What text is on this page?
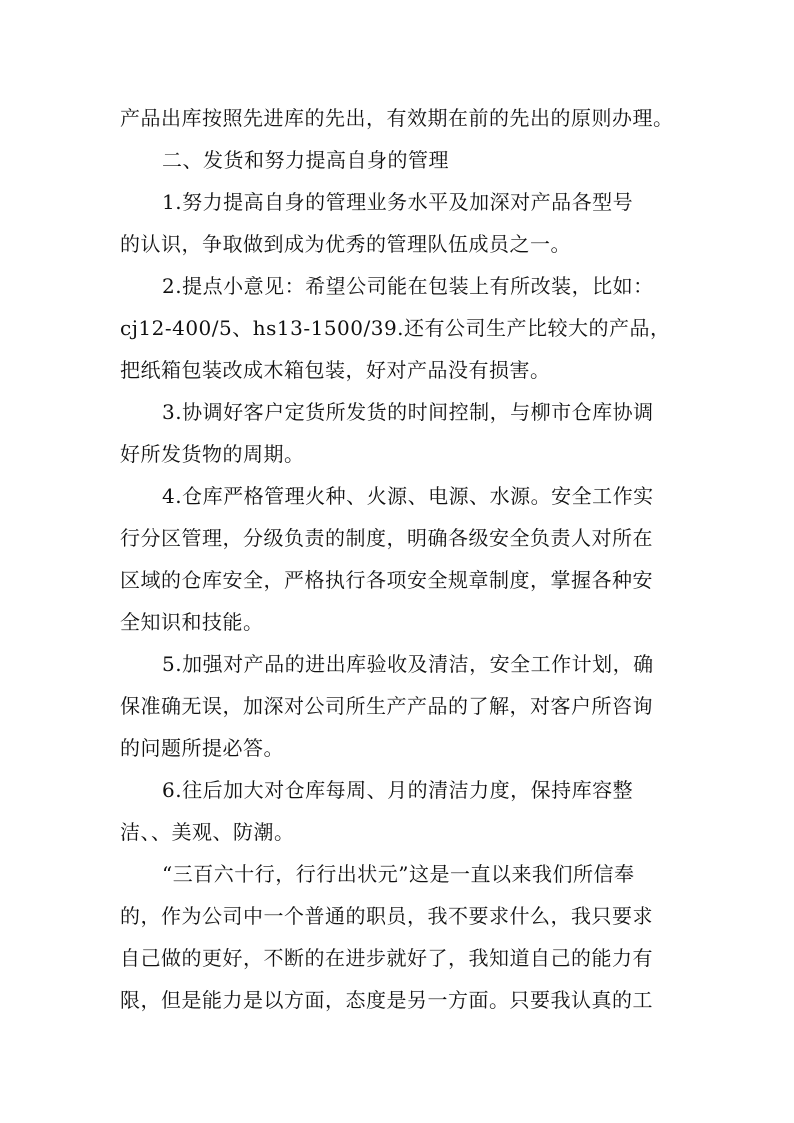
产品出库按照先进库的先出，有效期在前的先出的原则办理。
二、发货和努力提高自身的管理
1.努力提高自身的管理业务水平及加深对产品各型号
的认识，争取做到成为优秀的管理队伍成员之一。
2.提点小意见：希望公司能在包装上有所改装，比如：
cj12-400/5、hs13-1500/39.还有公司生产比较大的产品，
把纸箱包装改成木箱包装，好对产品没有损害。
3.协调好客户定货所发货的时间控制，与柳市仓库协调
好所发货物的周期。
4.仓库严格管理火种、火源、电源、水源。安全工作实
行分区管理，分级负责的制度，明确各级安全负责人对所在
区域的仓库安全，严格执行各项安全规章制度，掌握各种安
全知识和技能。
5.加强对产品的进出库验收及清洁，安全工作计划，确
保准确无误，加深对公司所生产产品的了解，对客户所咨询
的问题所提必答。
6.往后加大对仓库每周、月的清洁力度，保持库容整
洁、、美观、防潮。
“三百六十行，行行出状元”这是一直以来我们所信奉
的，作为公司中一个普通的职员，我不要求什么，我只要求
自己做的更好，不断的在进步就好了，我知道自己的能力有
限，但是能力是以方面，态度是另一方面。只要我认真的工
